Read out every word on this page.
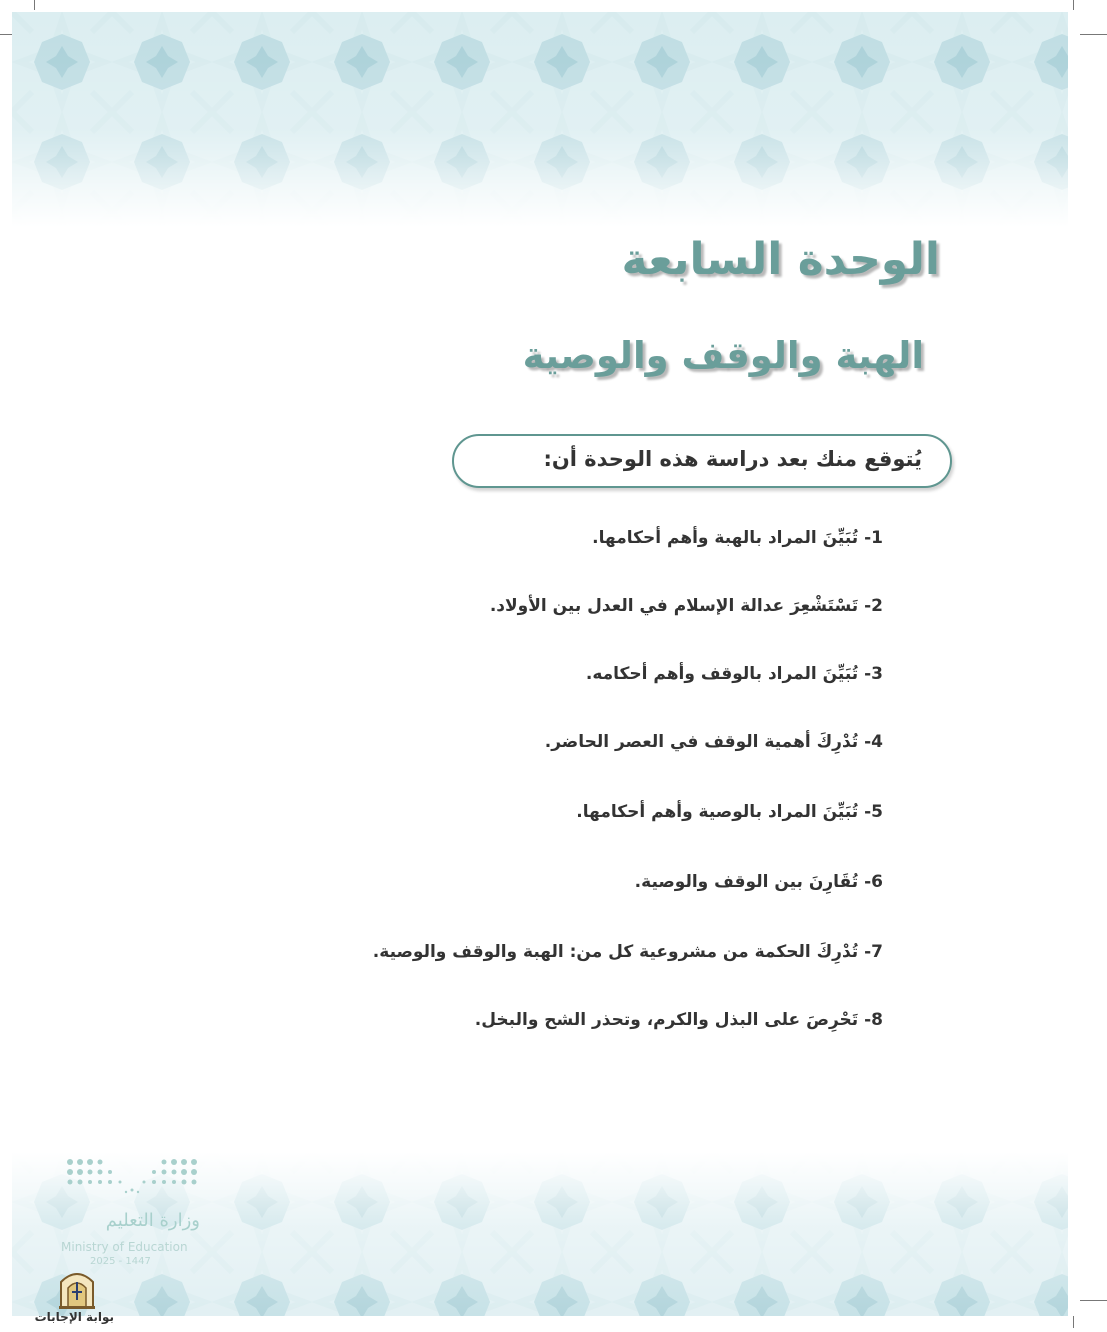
الوحدة السابعة
الهبة والوقف والوصية
يُتوقع منك بعد دراسة هذه الوحدة أن:
1- تُبَيِّنَ المراد بالهبة وأهم أحكامها.
2- تَسْتَشْعِرَ عدالة الإسلام في العدل بين الأولاد.
3- تُبَيِّنَ المراد بالوقف وأهم أحكامه.
4- تُدْرِكَ أهمية الوقف في العصر الحاضر.
5- تُبَيِّنَ المراد بالوصية وأهم أحكامها.
6- تُقَارِنَ بين الوقف والوصية.
7- تُدْرِكَ الحكمة من مشروعية كل من: الهبة والوقف والوصية.
8- تَحْرِصَ على البذل والكرم، وتحذر الشح والبخل.
وزارة التعليم
Ministry of Education
2025 - 1447
بوابة الإجابات
